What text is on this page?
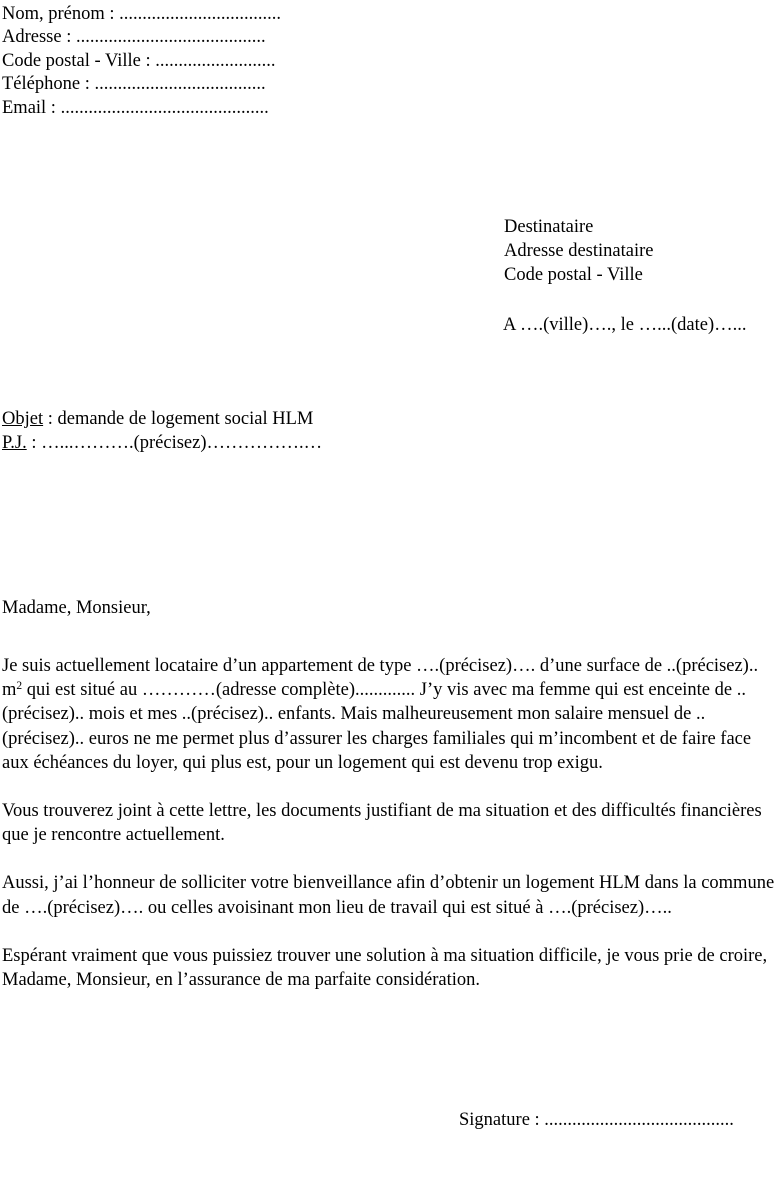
Nom, prénom : ...................................
Adresse : .........................................
Code postal - Ville : ..........................
Téléphone : .....................................
Email : .............................................
Destinataire
Adresse destinataire
Code postal - Ville
A ….(ville)…., le …...(date)…...
Objet : demande de logement social HLM
P.J. : …...……….(précisez)…………….…
Madame, Monsieur,

Je suis actuellement locataire d’un appartement de type ….(précisez)…. d’une surface de ..(précisez).. $m^2$ qui est situé au …………(adresse complète)............. J’y vis avec ma femme qui est enceinte de ..(précisez).. mois et mes ..(précisez).. enfants. Mais malheureusement mon salaire mensuel de ..(précisez).. euros ne me permet plus d’assurer les charges familiales qui m’incombent et de faire face aux échéances du loyer, qui plus est, pour un logement qui est devenu trop exigu.

Vous trouverez joint à cette lettre, les documents justifiant de ma situation et des difficultés financières que je rencontre actuellement.

Aussi, j’ai l’honneur de solliciter votre bienveillance afin d’obtenir un logement HLM dans la commune de ….(précisez)…. ou celles avoisinant mon lieu de travail qui est situé à ….(précisez)…..

Espérant vraiment que vous puissiez trouver une solution à ma situation difficile, je vous prie de croire, Madame, Monsieur, en l’assurance de ma parfaite considération.

Signature : .........................................
